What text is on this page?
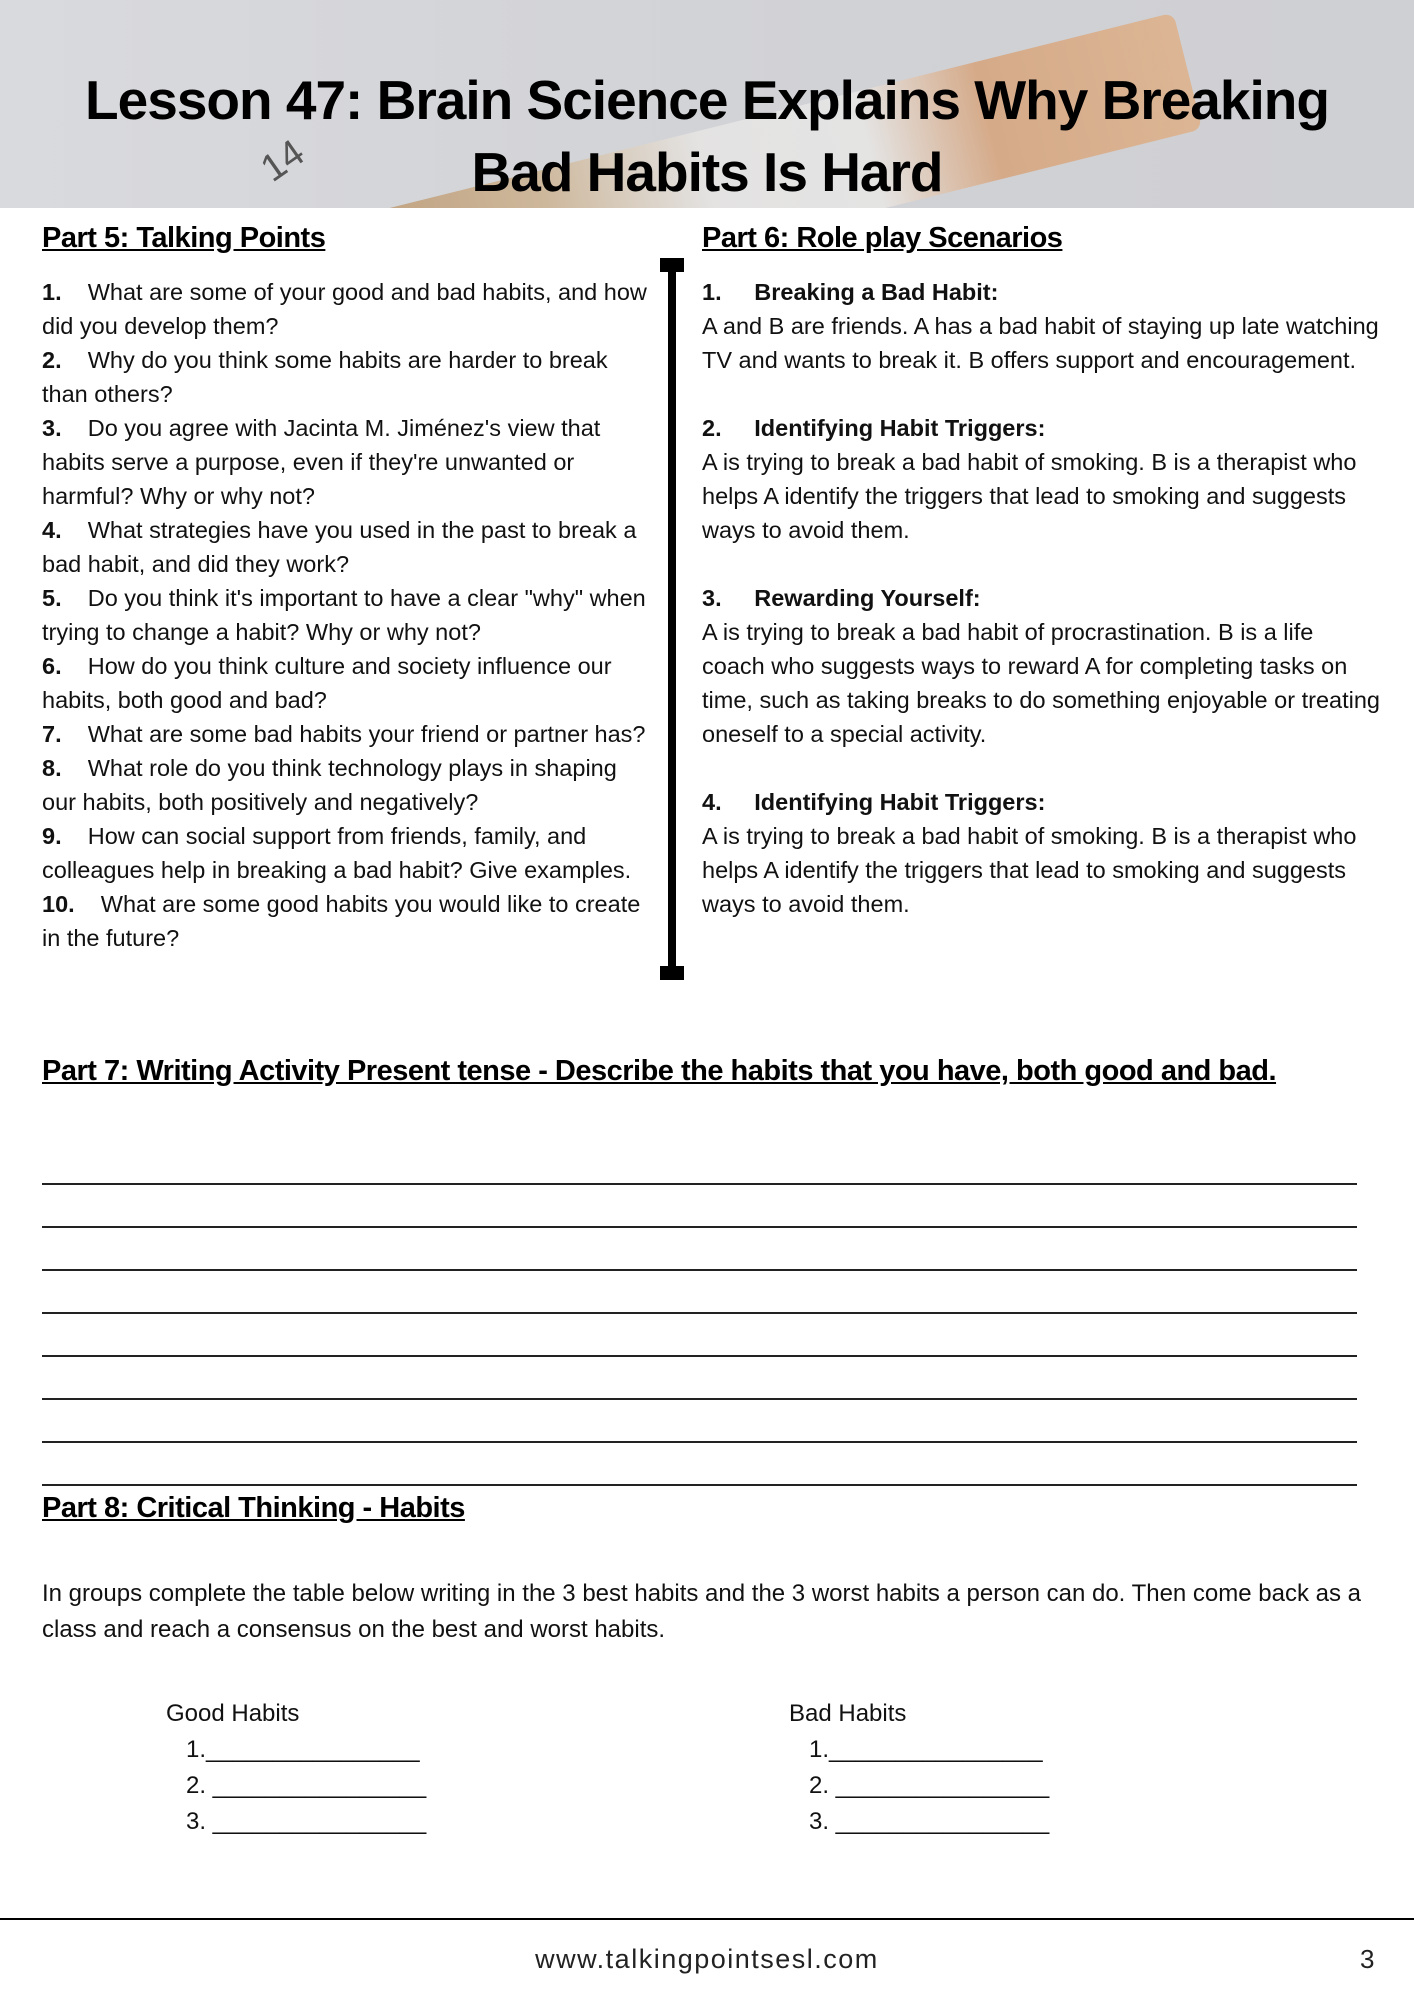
14
Lesson 47: Brain Science Explains Why Breaking
Bad Habits Is Hard
Part 5: Talking Points
1. What are some of your good and bad habits, and how did you develop them?
2. Why do you think some habits are harder to break than others?
3. Do you agree with Jacinta M. Jiménez's view that habits serve a purpose, even if they're unwanted or harmful? Why or why not?
4. What strategies have you used in the past to break a bad habit, and did they work?
5. Do you think it's important to have a clear "why" when trying to change a habit? Why or why not?
6. How do you think culture and society influence our habits, both good and bad?
7. What are some bad habits your friend or partner has?
8. What role do you think technology plays in shaping our habits, both positively and negatively?
9. How can social support from friends, family, and colleagues help in breaking a bad habit? Give examples.
10. What are some good habits you would like to create in the future?
Part 6: Role play Scenarios
1. Breaking a Bad Habit:
A and B are friends. A has a bad habit of staying up late watching TV and wants to break it. B offers support and encouragement.
2. Identifying Habit Triggers:
A is trying to break a bad habit of smoking. B is a therapist who helps A identify the triggers that lead to smoking and suggests ways to avoid them.
3. Rewarding Yourself:
A is trying to break a bad habit of procrastination. B is a life coach who suggests ways to reward A for completing tasks on time, such as taking breaks to do something enjoyable or treating oneself to a special activity.
4. Identifying Habit Triggers:
A is trying to break a bad habit of smoking. B is a therapist who helps A identify the triggers that lead to smoking and suggests ways to avoid them.
Part 7: Writing Activity Present tense - Describe the habits that you have, both good and bad.
Part 8: Critical Thinking - Habits
In groups complete the table below writing in the 3 best habits and the 3 worst habits a person can do. Then come back as a class and reach a consensus on the best and worst habits.
Good Habits
1.________________
2. ________________
3. ________________
Bad Habits
1.________________
2. ________________
3. ________________
www.talkingpointsesl.com	3
